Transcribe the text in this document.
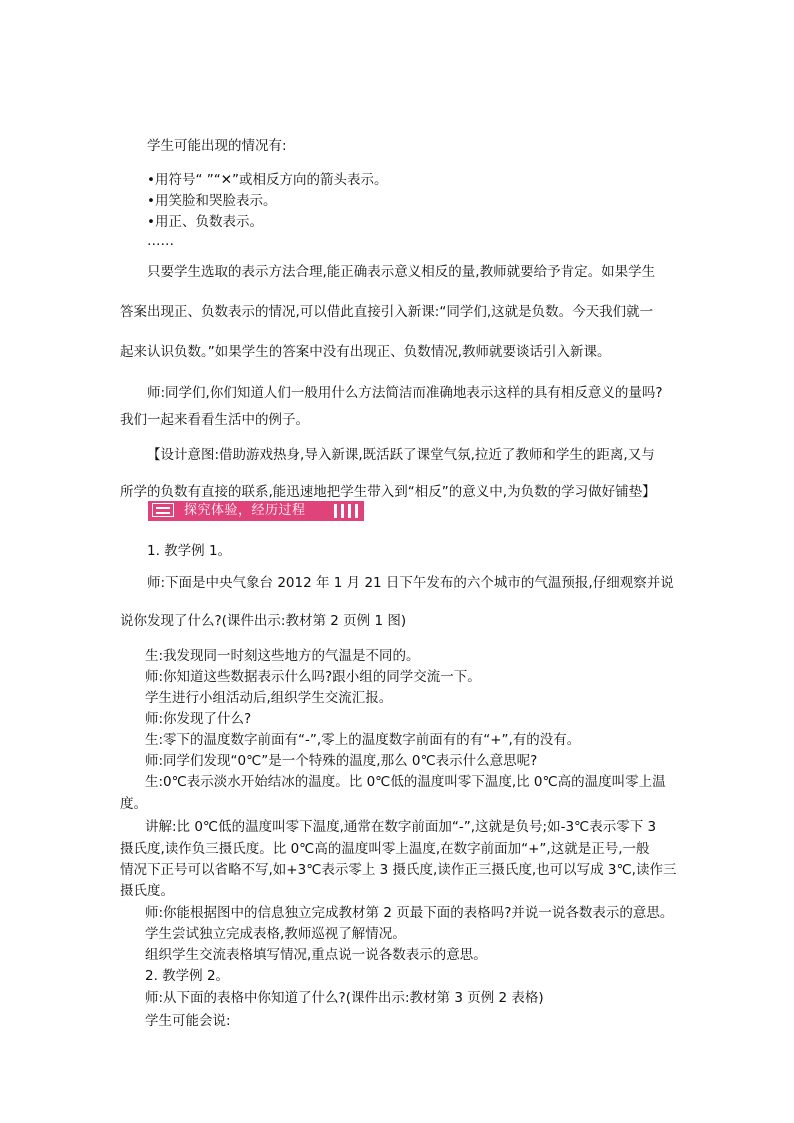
学生可能出现的情况有:

•用符号“ ”“✕”或相反方向的箭头表示。

•用笑脸和哭脸表示。

•用正、负数表示。

……

只要学生选取的表示方法合理,能正确表示意义相反的量,教师就要给予肯定。如果学生

答案出现正、负数表示的情况,可以借此直接引入新课:“同学们,这就是负数。今天我们就一

起来认识负数。”如果学生的答案中没有出现正、负数情况,教师就要谈话引入新课。

师:同学们,你们知道人们一般用什么方法简洁而准确地表示这样的具有相反意义的量吗?

我们一起来看看生活中的例子。

【设计意图:借助游戏热身,导入新课,既活跃了课堂气氛,拉近了教师和学生的距离,又与

所学的负数有直接的联系,能迅速地把学生带入到“相反”的意义中,为负数的学习做好铺垫】

探究体验，经历过程

1. 教学例 1。

师:下面是中央气象台 2012 年 1 月 21 日下午发布的六个城市的气温预报,仔细观察并说

说你发现了什么?(课件出示:教材第 2 页例 1 图)

生:我发现同一时刻这些地方的气温是不同的。

师:你知道这些数据表示什么吗?跟小组的同学交流一下。

学生进行小组活动后,组织学生交流汇报。

师:你发现了什么?

生:零下的温度数字前面有“-”,零上的温度数字前面有的有“+”,有的没有。

师:同学们发现“0℃”是一个特殊的温度,那么 0℃表示什么意思呢?

生:0℃表示淡水开始结冰的温度。比 0℃低的温度叫零下温度,比 0℃高的温度叫零上温

度。

讲解:比 0℃低的温度叫零下温度,通常在数字前面加“-”,这就是负号;如-3℃表示零下 3

摄氏度,读作负三摄氏度。比 0℃高的温度叫零上温度,在数字前面加“+”,这就是正号,一般

情况下正号可以省略不写,如+3℃表示零上 3 摄氏度,读作正三摄氏度,也可以写成 3℃,读作三

摄氏度。

师:你能根据图中的信息独立完成教材第 2 页最下面的表格吗?并说一说各数表示的意思。

学生尝试独立完成表格,教师巡视了解情况。

组织学生交流表格填写情况,重点说一说各数表示的意思。

2. 教学例 2。

师:从下面的表格中你知道了什么?(课件出示:教材第 3 页例 2 表格)

学生可能会说:
